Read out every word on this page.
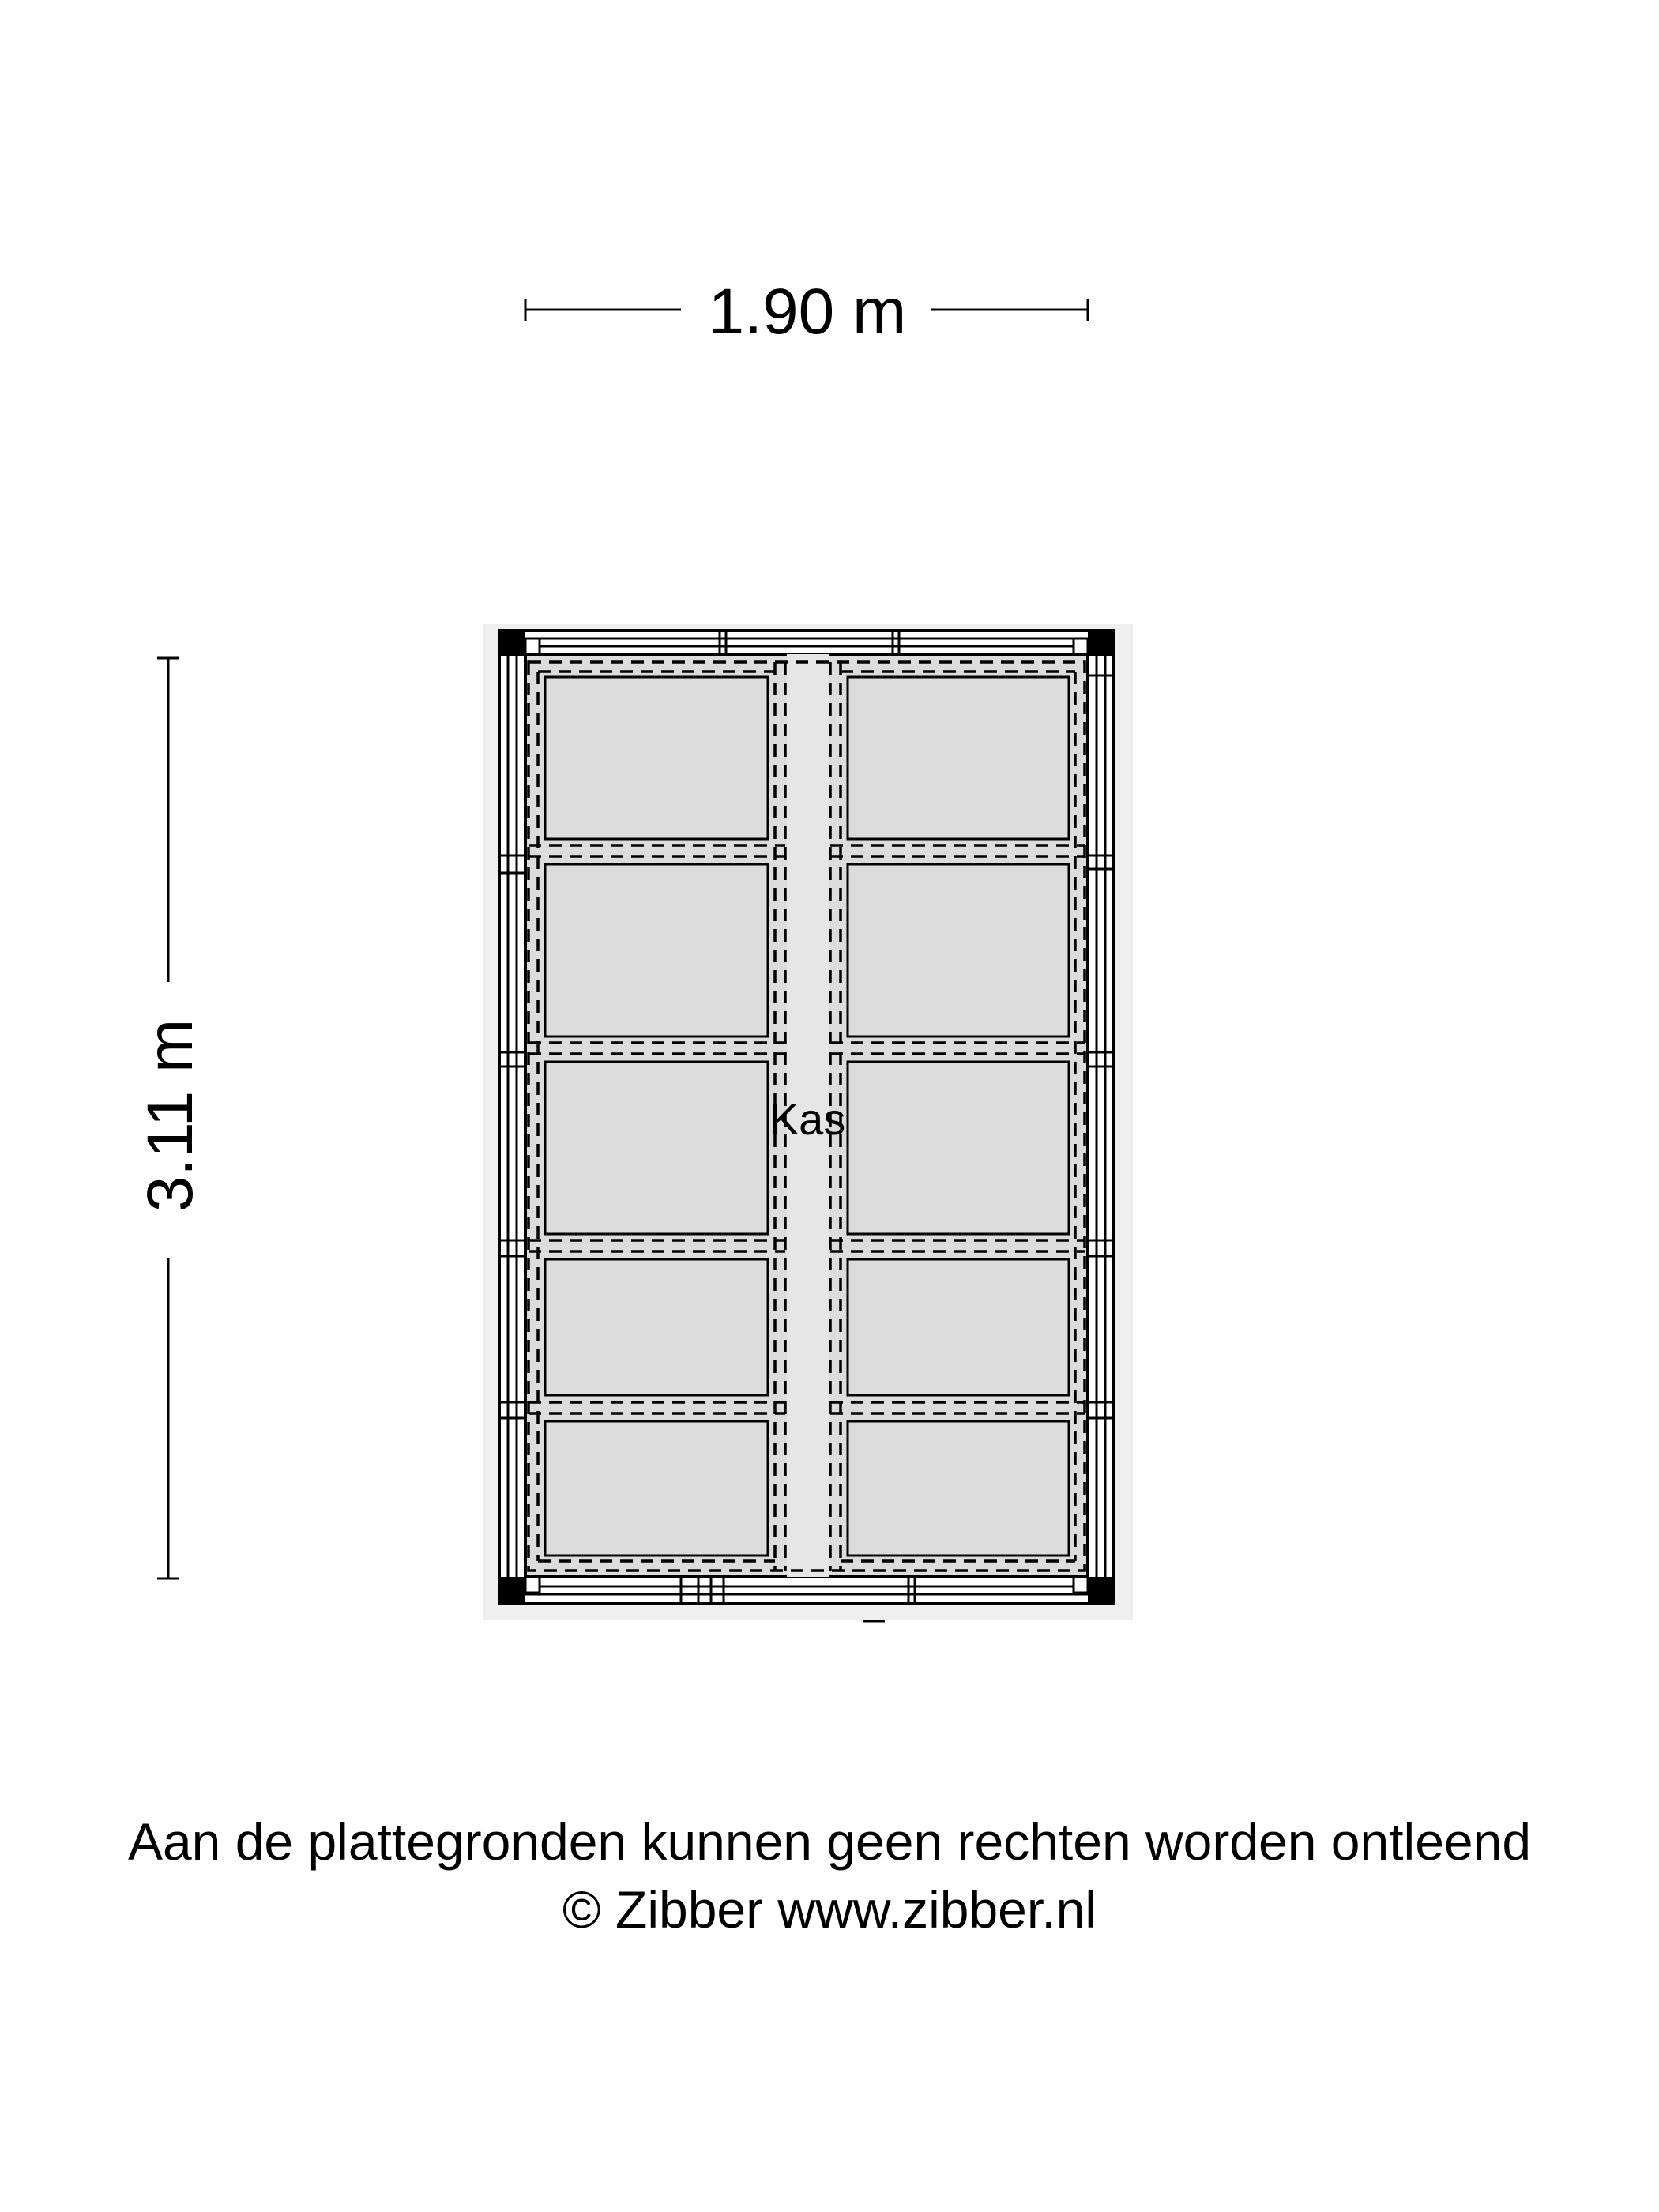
1.90 m
3.11 m	Kas
Aan de plattegronden kunnen geen rechten worden ontleend
© Zibber www.zibber.nl
